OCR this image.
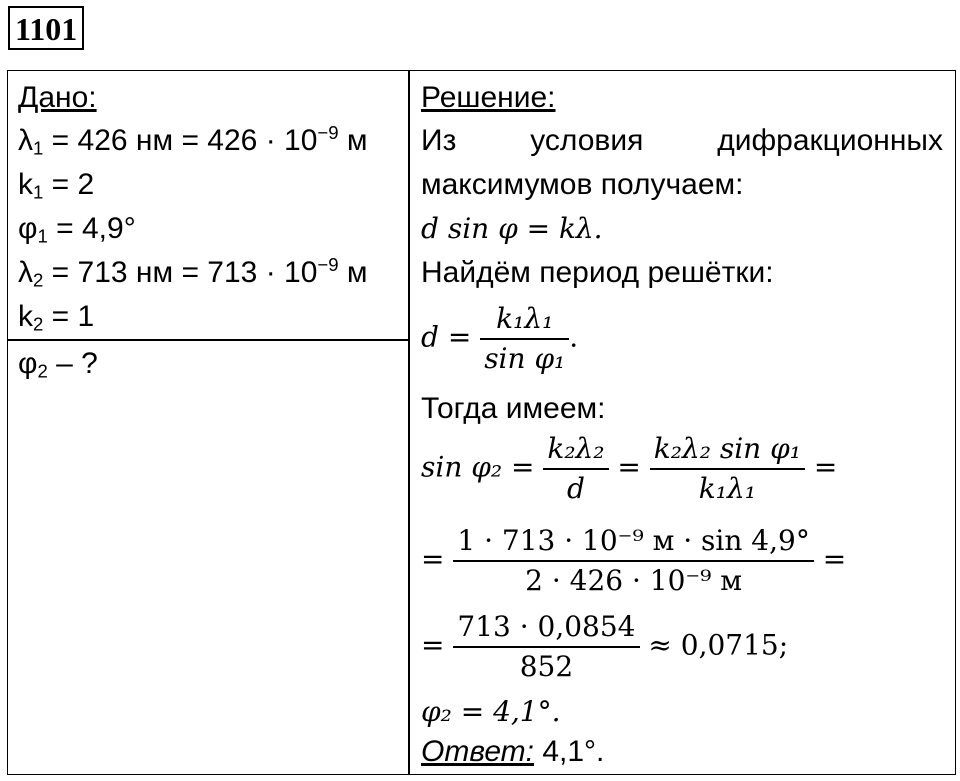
1101
Дано:
$\lambda_1 = 426$ нм = $426 \cdot 10^{-9}$ м
$k_1 = 2$
$\varphi_1 = 4,9^\circ$
$\lambda_2 = 713$ нм = $713 \cdot 10^{-9}$ м
$k_2 = 1$
$\varphi_2$ – ?
Решение:
Из условия дифракционных
максимумов получаем:
d sin φ = kλ.
Найдём период решётки:
$d = \frac{\text{k₁λ₁}}{\text{sin φ₁}}$ .
Тогда имеем:
$\sin \varphi_2 = \frac{\text{k₂λ₂}}{d} = \frac{\text{k₂λ₂ sin φ₁}}{\text{k₁λ₁}}$ =
= $\frac{\text{1 · 713 · 10⁻⁹ м · sin 4,9°}}{\text{2 · 426 · 10⁻⁹ м}}$ =
= $\frac{713 \cdot 0,0854}{852} \approx 0,0715$;
φ₂ = 4,1°.
Ответ: 4,1°.
